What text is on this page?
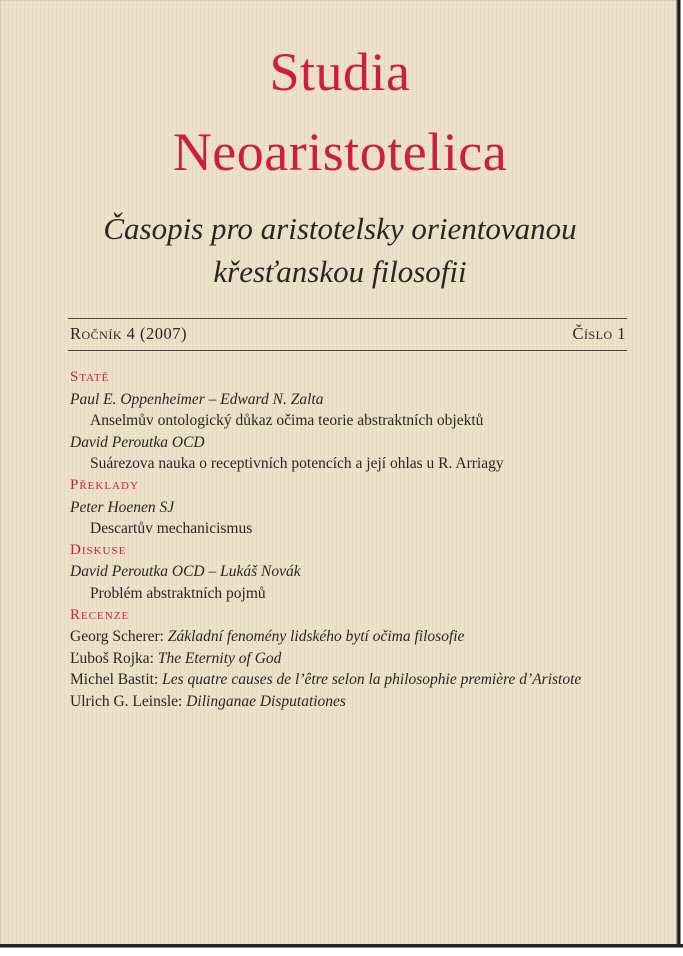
Studia
Neoaristotelica
Časopis pro aristotelsky orientovanou
křesťanskou filosofii
Ročník 4 (2007)	Číslo 1
Statě
Paul E. Oppenheimer – Edward N. Zalta
Anselmův ontologický důkaz očima teorie abstraktních objektů
David Peroutka OCD
Suárezova nauka o receptivních potencích a její ohlas u R. Arriagy
Překlady
Peter Hoenen SJ
Descartův mechanicismus
Diskuse
David Peroutka OCD – Lukáš Novák
Problém abstraktních pojmů
Recenze
Georg Scherer: Základní fenomény lidského bytí očima filosofie
Ľuboš Rojka: The Eternity of God
Michel Bastit: Les quatre causes de l’être selon la philosophie première d’Aristote
Ulrich G. Leinsle: Dilinganae Disputationes
